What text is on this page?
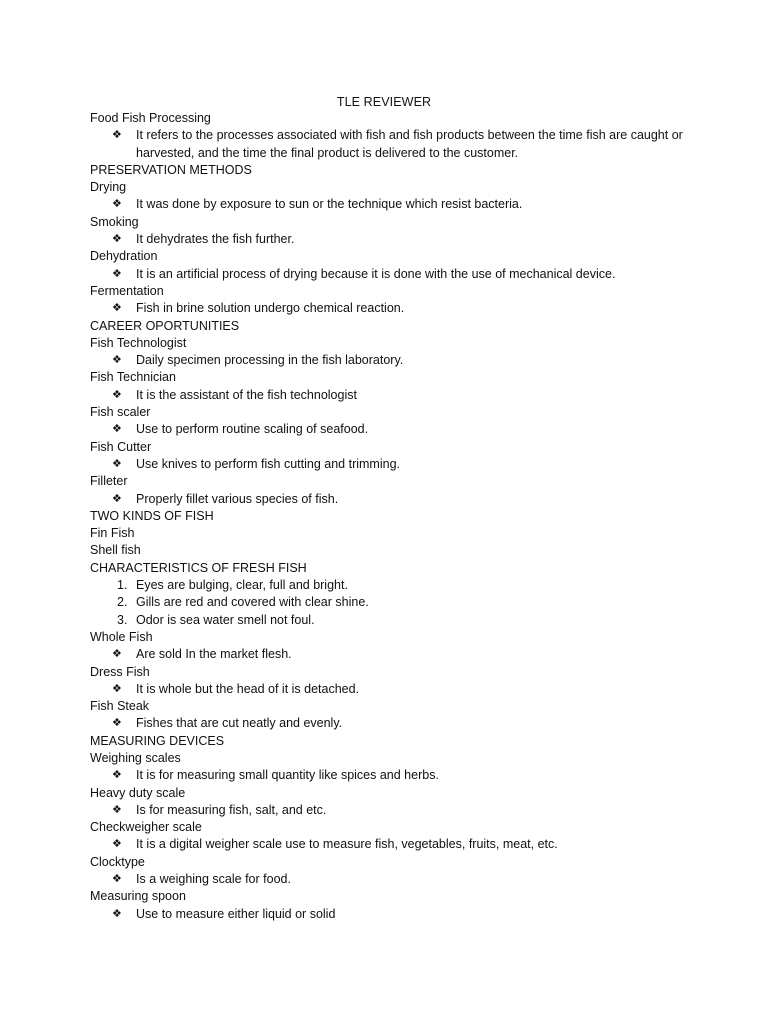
TLE REVIEWER
Food Fish Processing
❖	It refers to the processes associated with fish and fish products between the time fish are caught or harvested, and the time the final product is delivered to the customer.
PRESERVATION METHODS
Drying
❖	It was done by exposure to sun or the technique which resist bacteria.
Smoking
❖	It dehydrates the fish further.
Dehydration
❖	It is an artificial process of drying because it is done with the use of mechanical device.
Fermentation
❖	Fish in brine solution undergo chemical reaction.
CAREER OPORTUNITIES
Fish Technologist
❖	Daily specimen processing in the fish laboratory.
Fish Technician
❖	It is the assistant of the fish technologist
Fish scaler
❖	Use to perform routine scaling of seafood.
Fish Cutter
❖	Use knives to perform fish cutting and trimming.
Filleter
❖	Properly fillet various species of fish.
TWO KINDS OF FISH
Fin Fish
Shell fish
CHARACTERISTICS OF FRESH FISH
1. Eyes are bulging, clear, full and bright.
2. Gills are red and covered with clear shine.
3. Odor is sea water smell not foul.
Whole Fish
❖	Are sold In the market flesh.
Dress Fish
❖	It is whole but the head of it is detached.
Fish Steak
❖	Fishes that are cut neatly and evenly.
MEASURING DEVICES
Weighing scales
❖	It is for measuring small quantity like spices and herbs.
Heavy duty scale
❖	Is for measuring fish, salt, and etc.
Checkweigher scale
❖	It is a digital weigher scale use to measure fish, vegetables, fruits, meat, etc.
Clocktype
❖	Is a weighing scale for food.
Measuring spoon
❖	Use to measure either liquid or solid
